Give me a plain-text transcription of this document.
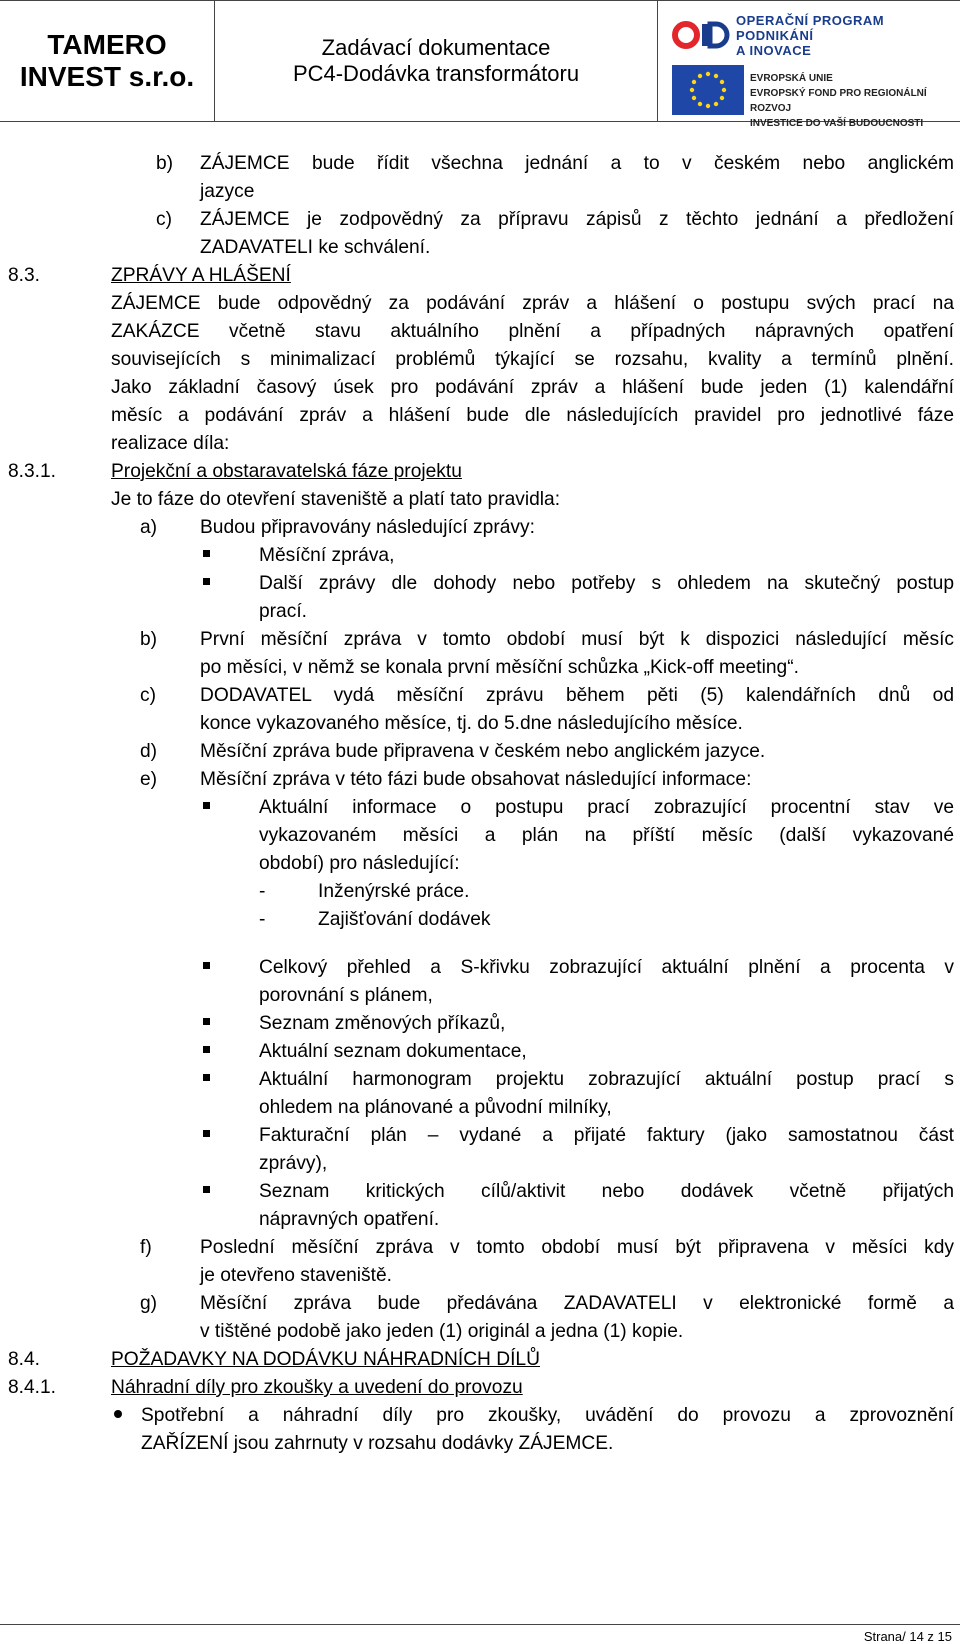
TAMERO
INVEST s.r.o.
Zadávací dokumentace
PC4-Dodávka transformátoru
OPERAČNÍ PROGRAM
PODNIKÁNÍ
A INOVACE
EVROPSKÁ UNIE
EVROPSKÝ FOND PRO REGIONÁLNÍ ROZVOJ
INVESTICE DO VAŠÍ BUDOUCNOSTI
b) ZÁJEMCE bude řídit všechna jednání a to v českém nebo anglickém
jazyce
c) ZÁJEMCE je zodpovědný za přípravu zápisů z těchto jednání a předložení
ZADAVATELI ke schválení.
8.3.	ZPRÁVY A HLÁŠENÍ
ZÁJEMCE bude odpovědný za podávání zpráv a hlášení o postupu svých prací na
ZAKÁZCE včetně stavu aktuálního plnění a případných nápravných opatření
souvisejících s minimalizací problémů týkající se rozsahu, kvality a termínů plnění.
Jako základní časový úsek pro podávání zpráv a hlášení bude jeden (1) kalendářní
měsíc a podávání zpráv a hlášení bude dle následujících pravidel pro jednotlivé fáze
realizace díla:
8.3.1.	Projekční a obstaravatelská fáze projektu
Je to fáze do otevření staveniště a platí tato pravidla:
a) Budou připravovány následující zprávy:
Měsíční zpráva,
Další zprávy dle dohody nebo potřeby s ohledem na skutečný postup
prací.
b) První měsíční zpráva v tomto období musí být k dispozici následující měsíc
po měsíci, v němž se konala první měsíční schůzka „Kick-off meeting“.
c) DODAVATEL vydá měsíční zprávu během pěti (5) kalendářních dnů od
konce vykazovaného měsíce, tj. do 5.dne následujícího měsíce.
d) Měsíční zpráva bude připravena v českém nebo anglickém jazyce.
e) Měsíční zpráva v této fázi bude obsahovat následující informace:
Aktuální informace o postupu prací zobrazující procentní stav ve
vykazovaném měsíci a plán na příští měsíc (další vykazované
období) pro následující:
-	Inženýrské práce.
-	Zajišťování dodávek
Celkový přehled a S-křivku zobrazující aktuální plnění a procenta v
porovnání s plánem,
Seznam změnových příkazů,
Aktuální seznam dokumentace,
Aktuální harmonogram projektu zobrazující aktuální postup prací s
ohledem na plánované a původní milníky,
Fakturační plán – vydané a přijaté faktury (jako samostatnou část
zprávy),
Seznam kritických cílů/aktivit nebo dodávek včetně přijatých
nápravných opatření.
f)	Poslední měsíční zpráva v tomto období musí být připravena v měsíci kdy
je otevřeno staveniště.
g) Měsíční zpráva bude předávána ZADAVATELI v elektronické formě a
v tištěné podobě jako jeden (1) originál a jedna (1) kopie.
8.4.	POŽADAVKY NA DODÁVKU NÁHRADNÍCH DÍLŮ
8.4.1.	Náhradní díly pro zkoušky a uvedení do provozu
Spotřební a náhradní díly pro zkoušky, uvádění do provozu a zprovoznění
ZAŘÍZENÍ jsou zahrnuty v rozsahu dodávky ZÁJEMCE.
Strana/ 14 z 15
